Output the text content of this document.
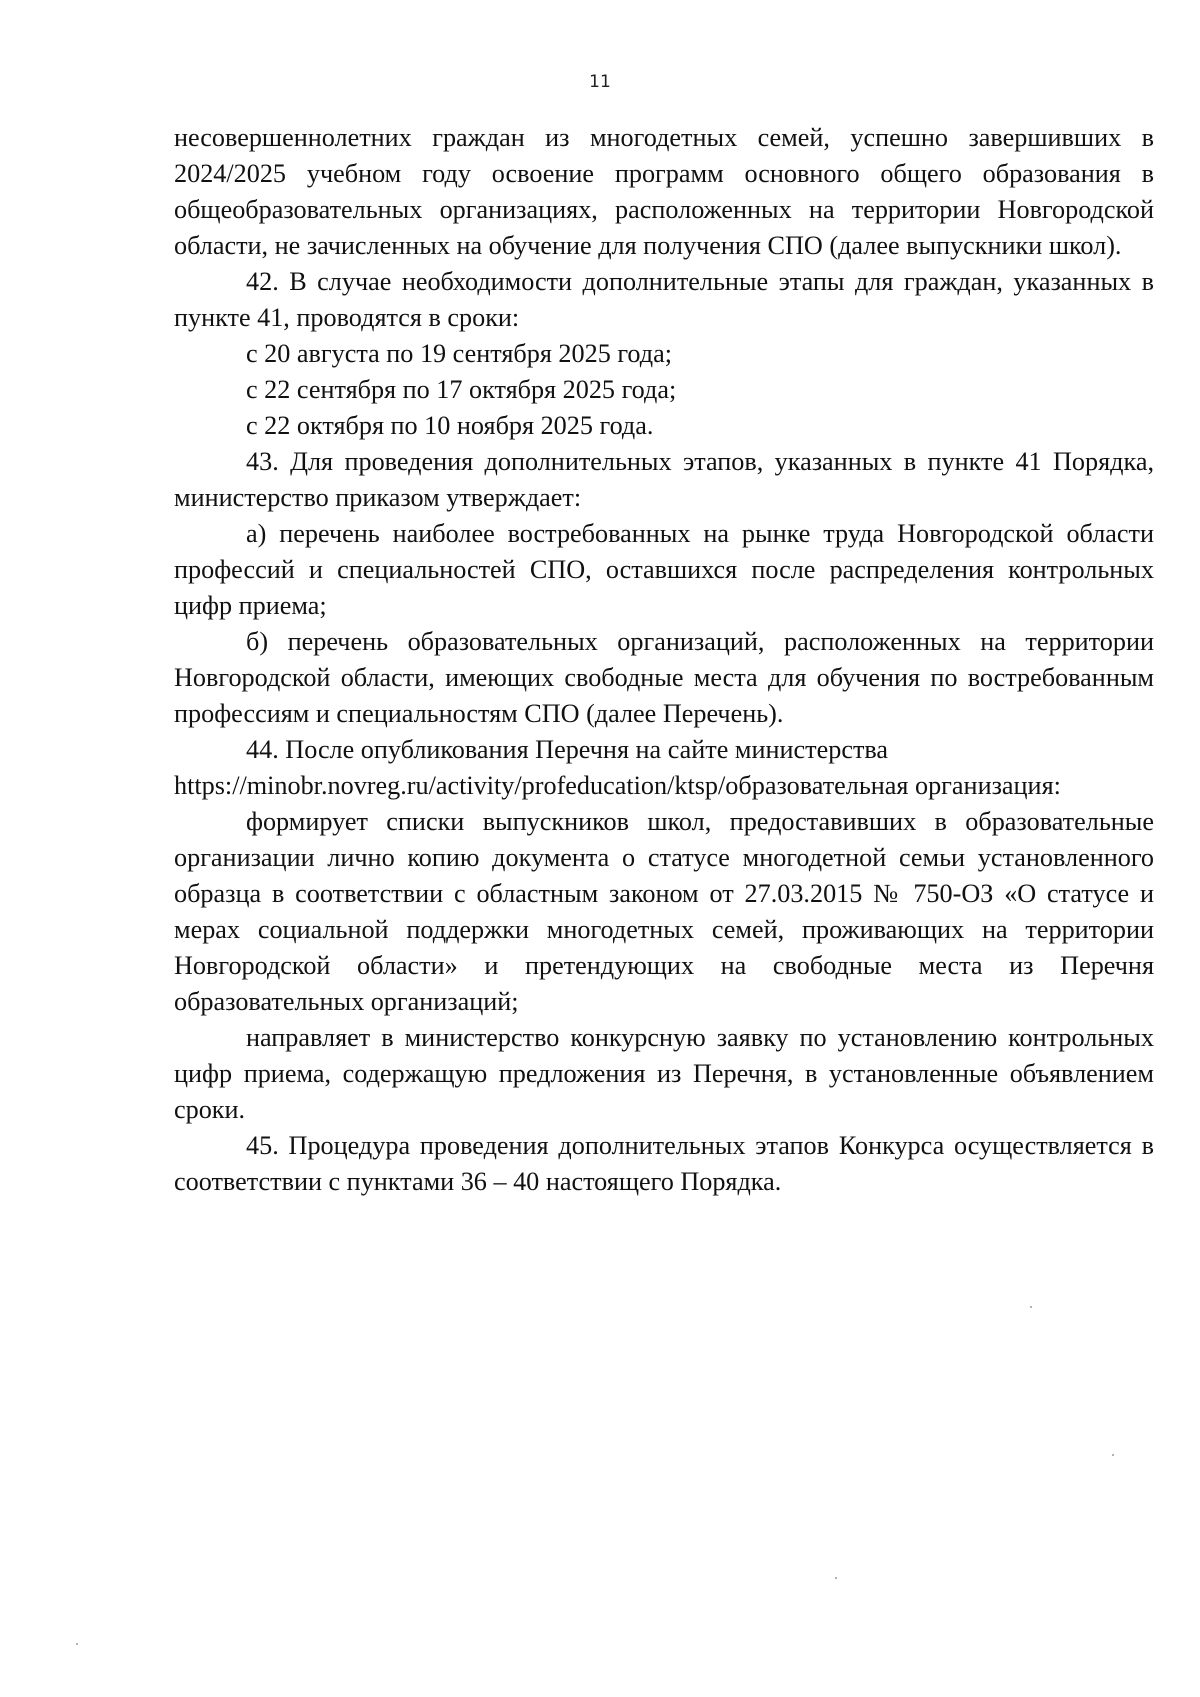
11

несовершеннолетних граждан из многодетных семей, успешно завершивших в 2024/2025 учебном году освоение программ основного общего образования в общеобразовательных организациях, расположенных на территории Новгородской области, не зачисленных на обучение для получения СПО (далее выпускники школ).

42. В случае необходимости дополнительные этапы для граждан, указанных в пункте 41, проводятся в сроки:

с 20 августа по 19 сентября 2025 года;

с 22 сентября по 17 октября 2025 года;

с 22 октября по 10 ноября 2025 года.

43. Для проведения дополнительных этапов, указанных в пункте 41 Порядка, министерство приказом утверждает:

а) перечень наиболее востребованных на рынке труда Новгородской области профессий и специальностей СПО, оставшихся после распределения контрольных цифр приема;

б) перечень образовательных организаций, расположенных на территории Новгородской области, имеющих свободные места для обучения по востребованным профессиям и специальностям СПО (далее Перечень).

44. После опубликования Перечня на сайте министерства

https://minobr.novreg.ru/activity/profeducation/ktsp/образовательная организация:

формирует списки выпускников школ, предоставивших в образовательные организации лично копию документа о статусе многодетной семьи установленного образца в соответствии с областным законом от 27.03.2015 № 750-ОЗ «О статусе и мерах социальной поддержки многодетных семей, проживающих на территории Новгородской области» и претендующих на свободные места из Перечня образовательных организаций;

направляет в министерство конкурсную заявку по установлению контрольных цифр приема, содержащую предложения из Перечня, в установленные объявлением сроки.

45. Процедура проведения дополнительных этапов Конкурса осуществляется в соответствии с пунктами 36 – 40 настоящего Порядка.
